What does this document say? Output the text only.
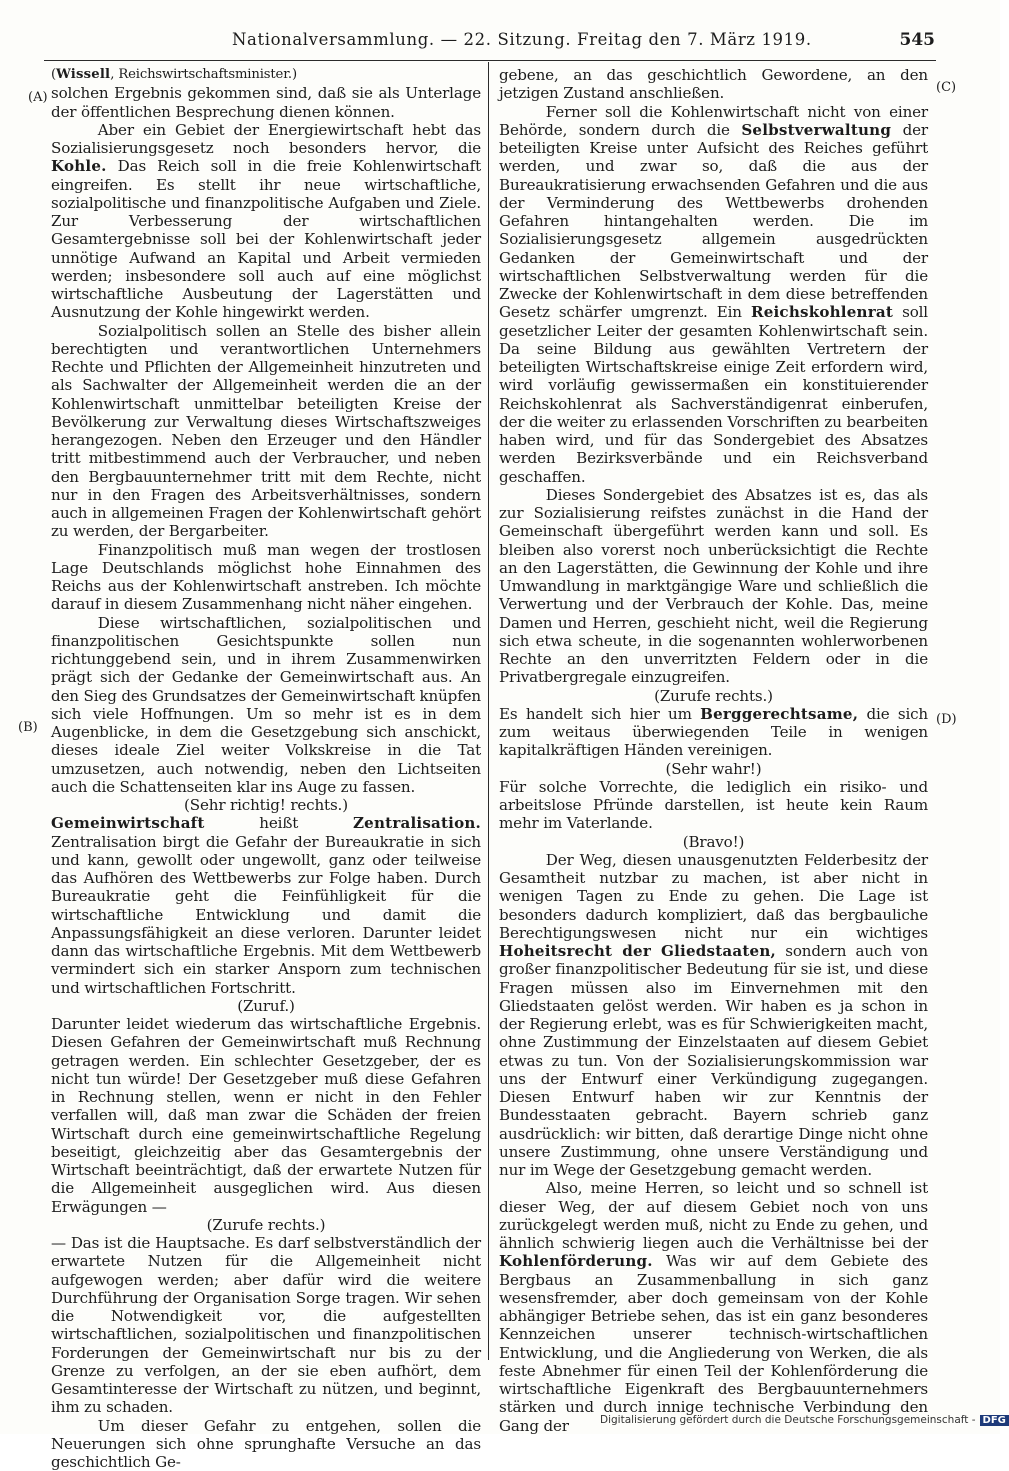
Nationalversammlung. — 22. Sitzung. Freitag den 7. März 1919.	545
(A)
(B)
(C)
(D)

(Wissell, Reichswirtschaftsminister.)

solchen Ergebnis gekommen sind, daß sie als Unterlage der öffentlichen Besprechung dienen können.

Aber ein Gebiet der Energiewirtschaft hebt das Sozialisierungsgesetz noch besonders hervor, die Kohle. Das Reich soll in die freie Kohlenwirtschaft eingreifen. Es stellt ihr neue wirtschaftliche, sozialpolitische und finanzpolitische Aufgaben und Ziele. Zur Verbesserung der wirtschaftlichen Gesamtergebnisse soll bei der Kohlenwirtschaft jeder unnötige Aufwand an Kapital und Arbeit vermieden werden; insbesondere soll auch auf eine möglichst wirtschaftliche Ausbeutung der Lagerstätten und Ausnutzung der Kohle hingewirkt werden.

Sozialpolitisch sollen an Stelle des bisher allein berechtigten und verantwortlichen Unternehmers Rechte und Pflichten der Allgemeinheit hinzutreten und als Sachwalter der Allgemeinheit werden die an der Kohlenwirtschaft unmittelbar beteiligten Kreise der Bevölkerung zur Verwaltung dieses Wirtschaftszweiges herangezogen. Neben den Erzeuger und den Händler tritt mitbestimmend auch der Verbraucher, und neben den Bergbauunternehmer tritt mit dem Rechte, nicht nur in den Fragen des Arbeitsverhältnisses, sondern auch in allgemeinen Fragen der Kohlenwirtschaft gehört zu werden, der Bergarbeiter.

Finanzpolitisch muß man wegen der trostlosen Lage Deutschlands möglichst hohe Einnahmen des Reichs aus der Kohlenwirtschaft anstreben. Ich möchte darauf in diesem Zusammenhang nicht näher eingehen.

Diese wirtschaftlichen, sozialpolitischen und finanzpolitischen Gesichtspunkte sollen nun richtunggebend sein, und in ihrem Zusammenwirken prägt sich der Gedanke der Gemeinwirtschaft aus. An den Sieg des Grundsatzes der Gemeinwirtschaft knüpfen sich viele Hoffnungen. Um so mehr ist es in dem Augenblicke, in dem die Gesetzgebung sich anschickt, dieses ideale Ziel weiter Volkskreise in die Tat umzusetzen, auch notwendig, neben den Lichtseiten auch die Schattenseiten klar ins Auge zu fassen.

(Sehr richtig! rechts.)

Gemeinwirtschaft heißt Zentralisation. Zentralisation birgt die Gefahr der Bureaukratie in sich und kann, gewollt oder ungewollt, ganz oder teilweise das Aufhören des Wettbewerbs zur Folge haben. Durch Bureaukratie geht die Feinfühligkeit für die wirtschaftliche Entwicklung und damit die Anpassungsfähigkeit an diese verloren. Darunter leidet dann das wirtschaftliche Ergebnis. Mit dem Wettbewerb vermindert sich ein starker Ansporn zum technischen und wirtschaftlichen Fortschritt.

(Zuruf.)

Darunter leidet wiederum das wirtschaftliche Ergebnis. Diesen Gefahren der Gemeinwirtschaft muß Rechnung getragen werden. Ein schlechter Gesetzgeber, der es nicht tun würde! Der Gesetzgeber muß diese Gefahren in Rechnung stellen, wenn er nicht in den Fehler verfallen will, daß man zwar die Schäden der freien Wirtschaft durch eine gemeinwirtschaftliche Regelung beseitigt, gleichzeitig aber das Gesamtergebnis der Wirtschaft beeinträchtigt, daß der erwartete Nutzen für die Allgemeinheit ausgeglichen wird. Aus diesen Erwägungen —

(Zurufe rechts.)

— Das ist die Hauptsache. Es darf selbstverständlich der erwartete Nutzen für die Allgemeinheit nicht aufgewogen werden; aber dafür wird die weitere Durchführung der Organisation Sorge tragen. Wir sehen die Notwendigkeit vor, die aufgestellten wirtschaftlichen, sozialpolitischen und finanzpolitischen Forderungen der Gemeinwirtschaft nur bis zu der Grenze zu verfolgen, an der sie eben aufhört, dem Gesamtinteresse der Wirtschaft zu nützen, und beginnt, ihm zu schaden.

Um dieser Gefahr zu entgehen, sollen die Neuerungen sich ohne sprunghafte Versuche an das geschichtlich Ge-

gebene, an das geschichtlich Gewordene, an den jetzigen Zustand anschließen.

Ferner soll die Kohlenwirtschaft nicht von einer Behörde, sondern durch die Selbstverwaltung der beteiligten Kreise unter Aufsicht des Reiches geführt werden, und zwar so, daß die aus der Bureaukratisierung erwachsenden Gefahren und die aus der Verminderung des Wettbewerbs drohenden Gefahren hintangehalten werden. Die im Sozialisierungsgesetz allgemein ausgedrückten Gedanken der Gemeinwirtschaft und der wirtschaftlichen Selbstverwaltung werden für die Zwecke der Kohlenwirtschaft in dem diese betreffenden Gesetz schärfer umgrenzt. Ein Reichskohlenrat soll gesetzlicher Leiter der gesamten Kohlenwirtschaft sein. Da seine Bildung aus gewählten Vertretern der beteiligten Wirtschaftskreise einige Zeit erfordern wird, wird vorläufig gewissermaßen ein konstituierender Reichskohlenrat als Sachverständigenrat einberufen, der die weiter zu erlassenden Vorschriften zu bearbeiten haben wird, und für das Sondergebiet des Absatzes werden Bezirksverbände und ein Reichsverband geschaffen.

Dieses Sondergebiet des Absatzes ist es, das als zur Sozialisierung reifstes zunächst in die Hand der Gemeinschaft übergeführt werden kann und soll. Es bleiben also vorerst noch unberücksichtigt die Rechte an den Lagerstätten, die Gewinnung der Kohle und ihre Umwandlung in marktgängige Ware und schließlich die Verwertung und der Verbrauch der Kohle. Das, meine Damen und Herren, geschieht nicht, weil die Regierung sich etwa scheute, in die sogenannten wohlerworbenen Rechte an den unverritzten Feldern oder in die Privatbergregale einzugreifen.

(Zurufe rechts.)

Es handelt sich hier um Berggerechtsame, die sich zum weitaus überwiegenden Teile in wenigen kapitalkräftigen Händen vereinigen.

(Sehr wahr!)

Für solche Vorrechte, die lediglich ein risiko- und arbeitslose Pfründe darstellen, ist heute kein Raum mehr im Vaterlande.

(Bravo!)

Der Weg, diesen unausgenutzten Felderbesitz der Gesamtheit nutzbar zu machen, ist aber nicht in wenigen Tagen zu Ende zu gehen. Die Lage ist besonders dadurch kompliziert, daß das bergbauliche Berechtigungswesen nicht nur ein wichtiges Hoheitsrecht der Gliedstaaten, sondern auch von großer finanzpolitischer Bedeutung für sie ist, und diese Fragen müssen also im Einvernehmen mit den Gliedstaaten gelöst werden. Wir haben es ja schon in der Regierung erlebt, was es für Schwierigkeiten macht, ohne Zustimmung der Einzelstaaten auf diesem Gebiet etwas zu tun. Von der Sozialisierungskommission war uns der Entwurf einer Verkündigung zugegangen. Diesen Entwurf haben wir zur Kenntnis der Bundesstaaten gebracht. Bayern schrieb ganz ausdrücklich: wir bitten, daß derartige Dinge nicht ohne unsere Zustimmung, ohne unsere Verständigung und nur im Wege der Gesetzgebung gemacht werden.

Also, meine Herren, so leicht und so schnell ist dieser Weg, der auf diesem Gebiet noch von uns zurückgelegt werden muß, nicht zu Ende zu gehen, und ähnlich schwierig liegen auch die Verhältnisse bei der Kohlenförderung. Was wir auf dem Gebiete des Bergbaus an Zusammenballung in sich ganz wesensfremder, aber doch gemeinsam von der Kohle abhängiger Betriebe sehen, das ist ein ganz besonderes Kennzeichen unserer technisch-wirtschaftlichen Entwicklung, und die Angliederung von Werken, die als feste Abnehmer für einen Teil der Kohlenförderung die wirtschaftliche Eigenkraft des Bergbauunternehmers stärken und durch innige technische Verbindung den Gang der	Digitalisierung gefördert durch die Deutsche Forschungsgemeinschaft - DFG
